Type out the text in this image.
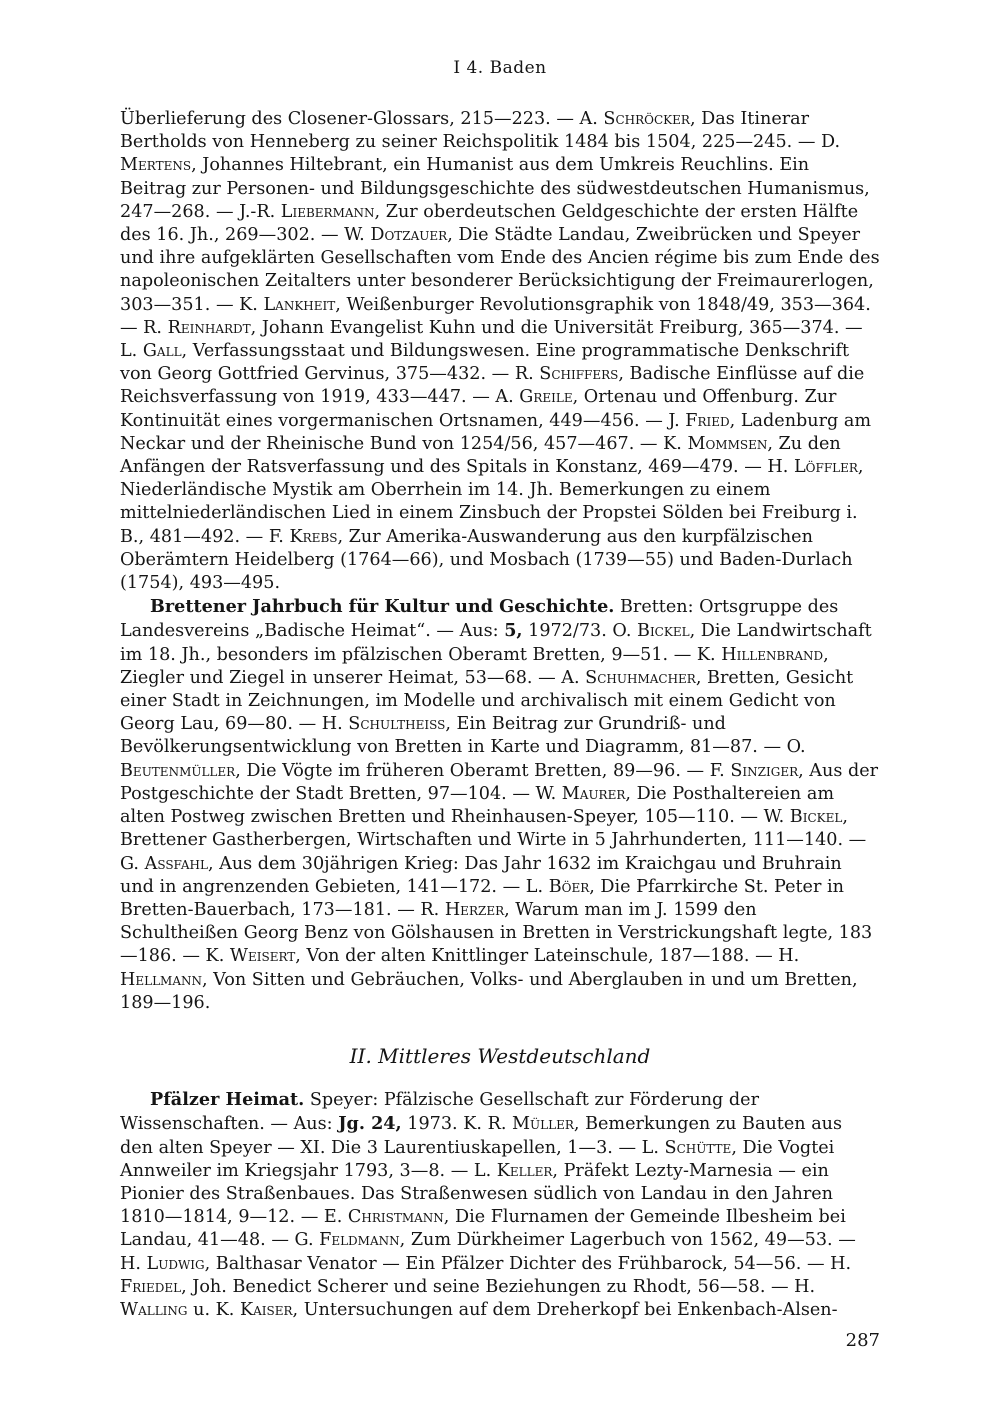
I 4. Baden

Überlieferung des Closener-Glossars, 215—223. — A. Schröcker, Das Itinerar Bertholds von Henneberg zu seiner Reichspolitik 1484 bis 1504, 225—245. — D. Mertens, Johannes Hiltebrant, ein Humanist aus dem Umkreis Reuchlins. Ein Beitrag zur Personen- und Bildungsgeschichte des südwestdeutschen Humanismus, 247—268. — J.-R. Liebermann, Zur oberdeutschen Geldgeschichte der ersten Hälfte des 16. Jh., 269—302. — W. Dotzauer, Die Städte Landau, Zweibrücken und Speyer und ihre aufgeklärten Gesellschaften vom Ende des Ancien régime bis zum Ende des napoleonischen Zeitalters unter besonderer Berücksichtigung der Freimaurerlogen, 303—351. — K. Lankheit, Weißenburger Revolutionsgraphik von 1848/49, 353—364. — R. Reinhardt, Johann Evangelist Kuhn und die Universität Freiburg, 365—374. — L. Gall, Verfassungsstaat und Bildungswesen. Eine programmatische Denkschrift von Georg Gottfried Gervinus, 375—432. — R. Schiffers, Badische Einflüsse auf die Reichsverfassung von 1919, 433—447. — A. Greile, Ortenau und Offenburg. Zur Kontinuität eines vorgermanischen Ortsnamen, 449—456. — J. Fried, Ladenburg am Neckar und der Rheinische Bund von 1254/56, 457—467. — K. Mommsen, Zu den Anfängen der Ratsverfassung und des Spitals in Konstanz, 469—479. — H. Löffler, Niederländische Mystik am Oberrhein im 14. Jh. Bemerkungen zu einem mittelniederländischen Lied in einem Zinsbuch der Propstei Sölden bei Freiburg i. B., 481—492. — F. Krebs, Zur Amerika-Auswanderung aus den kurpfälzischen Oberämtern Heidelberg (1764—66), und Mosbach (1739—55) und Baden-Durlach (1754), 493—495.

Brettener Jahrbuch für Kultur und Geschichte. Bretten: Ortsgruppe des Landesvereins „Badische Heimat“. — Aus: 5, 1972/73. O. Bickel, Die Landwirtschaft im 18. Jh., besonders im pfälzischen Oberamt Bretten, 9—51. — K. Hillenbrand, Ziegler und Ziegel in unserer Heimat, 53—68. — A. Schuhmacher, Bretten, Gesicht einer Stadt in Zeichnungen, im Modelle und archivalisch mit einem Gedicht von Georg Lau, 69—80. — H. Schultheiss, Ein Beitrag zur Grundriß- und Bevölkerungsentwicklung von Bretten in Karte und Diagramm, 81—87. — O. Beutenmüller, Die Vögte im früheren Oberamt Bretten, 89—96. — F. Sinziger, Aus der Postgeschichte der Stadt Bretten, 97—104. — W. Maurer, Die Posthaltereien am alten Postweg zwischen Bretten und Rheinhausen-Speyer, 105—110. — W. Bickel, Brettener Gastherbergen, Wirtschaften und Wirte in 5 Jahrhunderten, 111—140. — G. Assfahl, Aus dem 30jährigen Krieg: Das Jahr 1632 im Kraichgau und Bruhrain und in angrenzenden Gebieten, 141—172. — L. Böer, Die Pfarrkirche St. Peter in Bretten-Bauerbach, 173—181. — R. Herzer, Warum man im J. 1599 den Schultheißen Georg Benz von Gölshausen in Bretten in Verstrickungshaft legte, 183—186. — K. Weisert, Von der alten Knittlinger Lateinschule, 187—188. — H. Hellmann, Von Sitten und Gebräuchen, Volks- und Aberglauben in und um Bretten, 189—196.

II. Mittleres Westdeutschland

Pfälzer Heimat. Speyer: Pfälzische Gesellschaft zur Förderung der Wissenschaften. — Aus: Jg. 24, 1973. K. R. Müller, Bemerkungen zu Bauten aus den alten Speyer — XI. Die 3 Laurentiuskapellen, 1—3. — L. Schütte, Die Vogtei Annweiler im Kriegsjahr 1793, 3—8. — L. Keller, Präfekt Lezty-Marnesia — ein Pionier des Straßenbaues. Das Straßenwesen südlich von Landau in den Jahren 1810—1814, 9—12. — E. Christmann, Die Flurnamen der Gemeinde Ilbesheim bei Landau, 41—48. — G. Feldmann, Zum Dürkheimer Lagerbuch von 1562, 49—53. — H. Ludwig, Balthasar Venator — Ein Pfälzer Dichter des Frühbarock, 54—56. — H. Friedel, Joh. Benedict Scherer und seine Beziehungen zu Rhodt, 56—58. — H. Walling u. K. Kaiser, Untersuchungen auf dem Dreherkopf bei Enkenbach-Alsen-

287
